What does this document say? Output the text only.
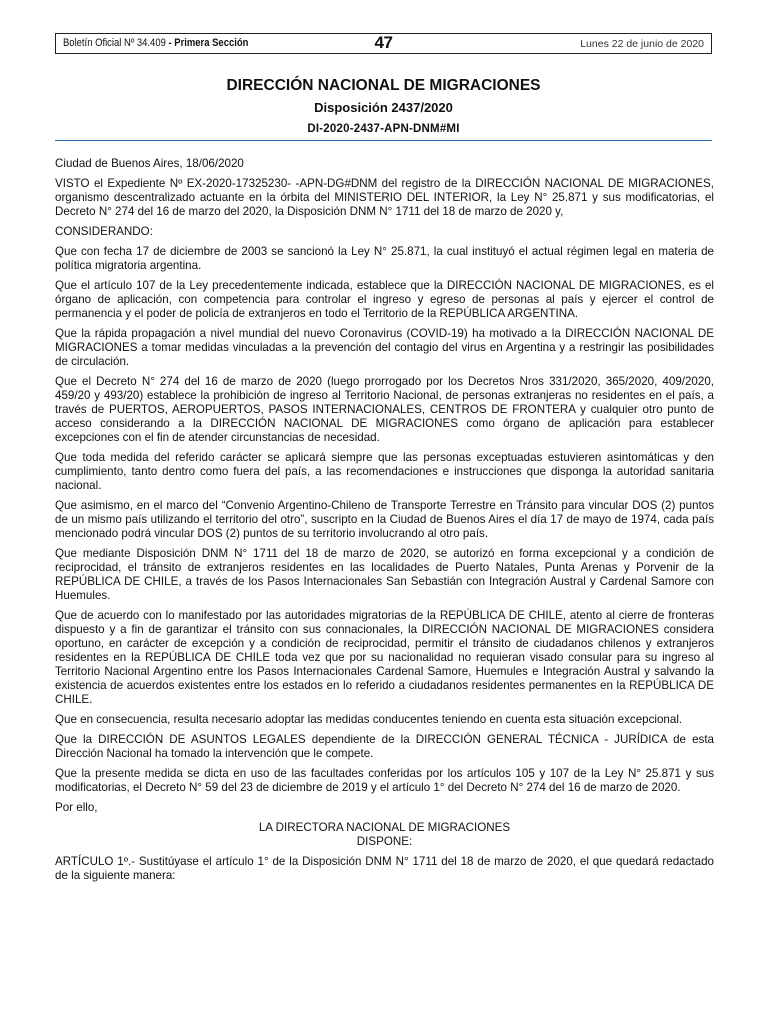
Boletín Oficial Nº 34.409 - Primera Sección	47	Lunes 22 de junio de 2020
DIRECCIÓN NACIONAL DE MIGRACIONES
Disposición 2437/2020
DI-2020-2437-APN-DNM#MI

Ciudad de Buenos Aires, 18/06/2020

VISTO el Expediente Nº EX-2020-17325230- -APN-DG#DNM del registro de la DIRECCIÓN NACIONAL DE MIGRACIONES, organismo descentralizado actuante en la órbita del MINISTERIO DEL INTERIOR, la Ley N° 25.871 y sus modificatorias, el Decreto N° 274 del 16 de marzo del 2020, la Disposición DNM N° 1711 del 18 de marzo de 2020 y,

CONSIDERANDO:

Que con fecha 17 de diciembre de 2003 se sancionó la Ley N° 25.871, la cual instituyó el actual régimen legal en materia de política migratoria argentina.

Que el artículo 107 de la Ley precedentemente indicada, establece que la DIRECCIÓN NACIONAL DE MIGRACIONES, es el órgano de aplicación, con competencia para controlar el ingreso y egreso de personas al país y ejercer el control de permanencia y el poder de policía de extranjeros en todo el Territorio de la REPÚBLICA ARGENTINA.

Que la rápida propagación a nivel mundial del nuevo Coronavirus (COVID-19) ha motivado a la DIRECCIÓN NACIONAL DE MIGRACIONES a tomar medidas vinculadas a la prevención del contagio del virus en Argentina y a restringir las posibilidades de circulación.

Que el Decreto N° 274 del 16 de marzo de 2020 (luego prorrogado por los Decretos Nros 331/2020, 365/2020, 409/2020, 459/20 y 493/20) establece la prohibición de ingreso al Territorio Nacional, de personas extranjeras no residentes en el país, a través de PUERTOS, AEROPUERTOS, PASOS INTERNACIONALES, CENTROS DE FRONTERA y cualquier otro punto de acceso considerando a la DIRECCIÓN NACIONAL DE MIGRACIONES como órgano de aplicación para establecer excepciones con el fin de atender circunstancias de necesidad.

Que toda medida del referido carácter se aplicará siempre que las personas exceptuadas estuvieren asintomáticas y den cumplimiento, tanto dentro como fuera del país, a las recomendaciones e instrucciones que disponga la autoridad sanitaria nacional.

Que asimismo, en el marco del “Convenio Argentino-Chileno de Transporte Terrestre en Tránsito para vincular DOS (2) puntos de un mismo país utilizando el territorio del otro”, suscripto en la Ciudad de Buenos Aires el día 17 de mayo de 1974, cada país mencionado podrá vincular DOS (2) puntos de su territorio involucrando al otro país.

Que mediante Disposición DNM N° 1711 del 18 de marzo de 2020, se autorizó en forma excepcional y a condición de reciprocidad, el tránsito de extranjeros residentes en las localidades de Puerto Natales, Punta Arenas y Porvenir de la REPÚBLICA DE CHILE, a través de los Pasos Internacionales San Sebastián con Integración Austral y Cardenal Samore con Huemules.

Que de acuerdo con lo manifestado por las autoridades migratorias de la REPÚBLICA DE CHILE, atento al cierre de fronteras dispuesto y a fin de garantizar el tránsito con sus connacionales, la DIRECCIÓN NACIONAL DE MIGRACIONES considera oportuno, en carácter de excepción y a condición de reciprocidad, permitir el tránsito de ciudadanos chilenos y extranjeros residentes en la REPÚBLICA DE CHILE toda vez que por su nacionalidad no requieran visado consular para su ingreso al Territorio Nacional Argentino entre los Pasos Internacionales Cardenal Samore, Huemules e Integración Austral y salvando la existencia de acuerdos existentes entre los estados en lo referido a ciudadanos residentes permanentes en la REPÚBLICA DE CHILE.

Que en consecuencia, resulta necesario adoptar las medidas conducentes teniendo en cuenta esta situación excepcional.

Que la DIRECCIÓN DE ASUNTOS LEGALES dependiente de la DIRECCIÓN GENERAL TÉCNICA - JURÍDICA de esta Dirección Nacional ha tomado la intervención que le compete.

Que la presente medida se dicta en uso de las facultades conferidas por los artículos 105 y 107 de la Ley N° 25.871 y sus modificatorias, el Decreto N° 59 del 23 de diciembre de 2019 y el artículo 1° del Decreto N° 274 del 16 de marzo de 2020.

Por ello,

LA DIRECTORA NACIONAL DE MIGRACIONES
DISPONE:

ARTÍCULO 1º.- Sustitúyase el artículo 1° de la Disposición DNM N° 1711 del 18 de marzo de 2020, el que quedará redactado de la siguiente manera:
